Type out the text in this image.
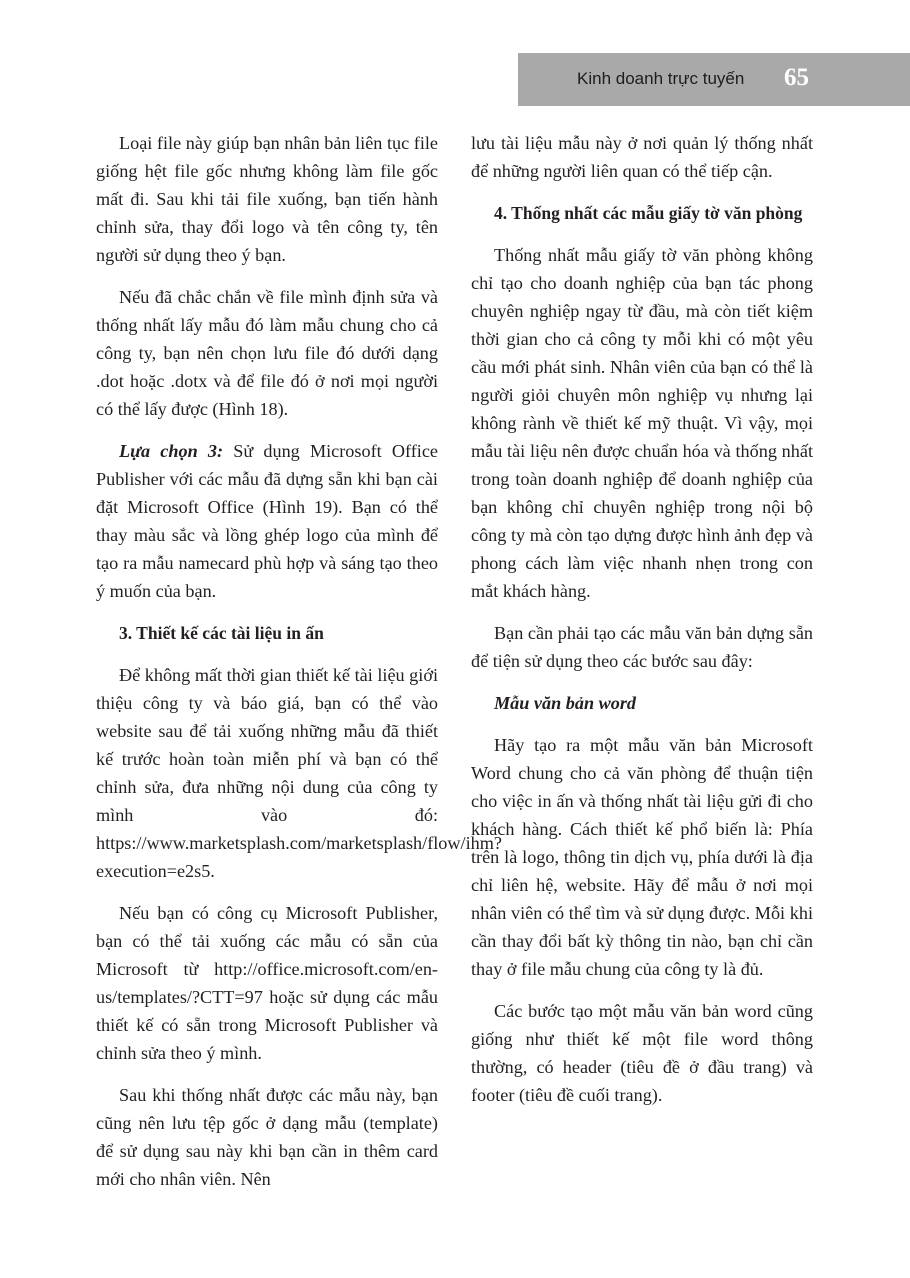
Kinh doanh trực tuyến 65

Loại file này giúp bạn nhân bản liên tục file giống hệt file gốc nhưng không làm file gốc mất đi. Sau khi tải file xuống, bạn tiến hành chỉnh sửa, thay đổi logo và tên công ty, tên người sử dụng theo ý bạn.

Nếu đã chắc chắn về file mình định sửa và thống nhất lấy mẫu đó làm mẫu chung cho cả công ty, bạn nên chọn lưu file đó dưới dạng .dot hoặc .dotx và để file đó ở nơi mọi người có thể lấy được (Hình 18).

Lựa chọn 3: Sử dụng Microsoft Office Publisher với các mẫu đã dựng sẵn khi bạn cài đặt Microsoft Office (Hình 19). Bạn có thể thay màu sắc và lồng ghép logo của mình để tạo ra mẫu namecard phù hợp và sáng tạo theo ý muốn của bạn.

3. Thiết kế các tài liệu in ấn

Để không mất thời gian thiết kế tài liệu giới thiệu công ty và báo giá, bạn có thể vào website sau để tải xuống những mẫu đã thiết kế trước hoàn toàn miễn phí và bạn có thể chỉnh sửa, đưa những nội dung của công ty mình vào đó: https://www.marketsplash.com/marketsplash/flow/ihm?execution=e2s5.

Nếu bạn có công cụ Microsoft Publisher, bạn có thể tải xuống các mẫu có sẵn của Microsoft từ http://office.microsoft.com/en-us/templates/?CTT=97 hoặc sử dụng các mẫu thiết kế có sẵn trong Microsoft Publisher và chỉnh sửa theo ý mình.

Sau khi thống nhất được các mẫu này, bạn cũng nên lưu tệp gốc ở dạng mẫu (template) để sử dụng sau này khi bạn cần in thêm card mới cho nhân viên. Nên

lưu tài liệu mẫu này ở nơi quản lý thống nhất để những người liên quan có thể tiếp cận.

4. Thống nhất các mẫu giấy tờ văn phòng

Thống nhất mẫu giấy tờ văn phòng không chỉ tạo cho doanh nghiệp của bạn tác phong chuyên nghiệp ngay từ đầu, mà còn tiết kiệm thời gian cho cả công ty mỗi khi có một yêu cầu mới phát sinh. Nhân viên của bạn có thể là người giỏi chuyên môn nghiệp vụ nhưng lại không rành về thiết kế mỹ thuật. Vì vậy, mọi mẫu tài liệu nên được chuẩn hóa và thống nhất trong toàn doanh nghiệp để doanh nghiệp của bạn không chỉ chuyên nghiệp trong nội bộ công ty mà còn tạo dựng được hình ảnh đẹp và phong cách làm việc nhanh nhẹn trong con mắt khách hàng.

Bạn cần phải tạo các mẫu văn bản dựng sẵn để tiện sử dụng theo các bước sau đây:

Mẫu văn bản word

Hãy tạo ra một mẫu văn bản Microsoft Word chung cho cả văn phòng để thuận tiện cho việc in ấn và thống nhất tài liệu gửi đi cho khách hàng. Cách thiết kế phổ biến là: Phía trên là logo, thông tin dịch vụ, phía dưới là địa chỉ liên hệ, website. Hãy để mẫu ở nơi mọi nhân viên có thể tìm và sử dụng được. Mỗi khi cần thay đổi bất kỳ thông tin nào, bạn chỉ cần thay ở file mẫu chung của công ty là đủ.

Các bước tạo một mẫu văn bản word cũng giống như thiết kế một file word thông thường, có header (tiêu đề ở đầu trang) và footer (tiêu đề cuối trang).
